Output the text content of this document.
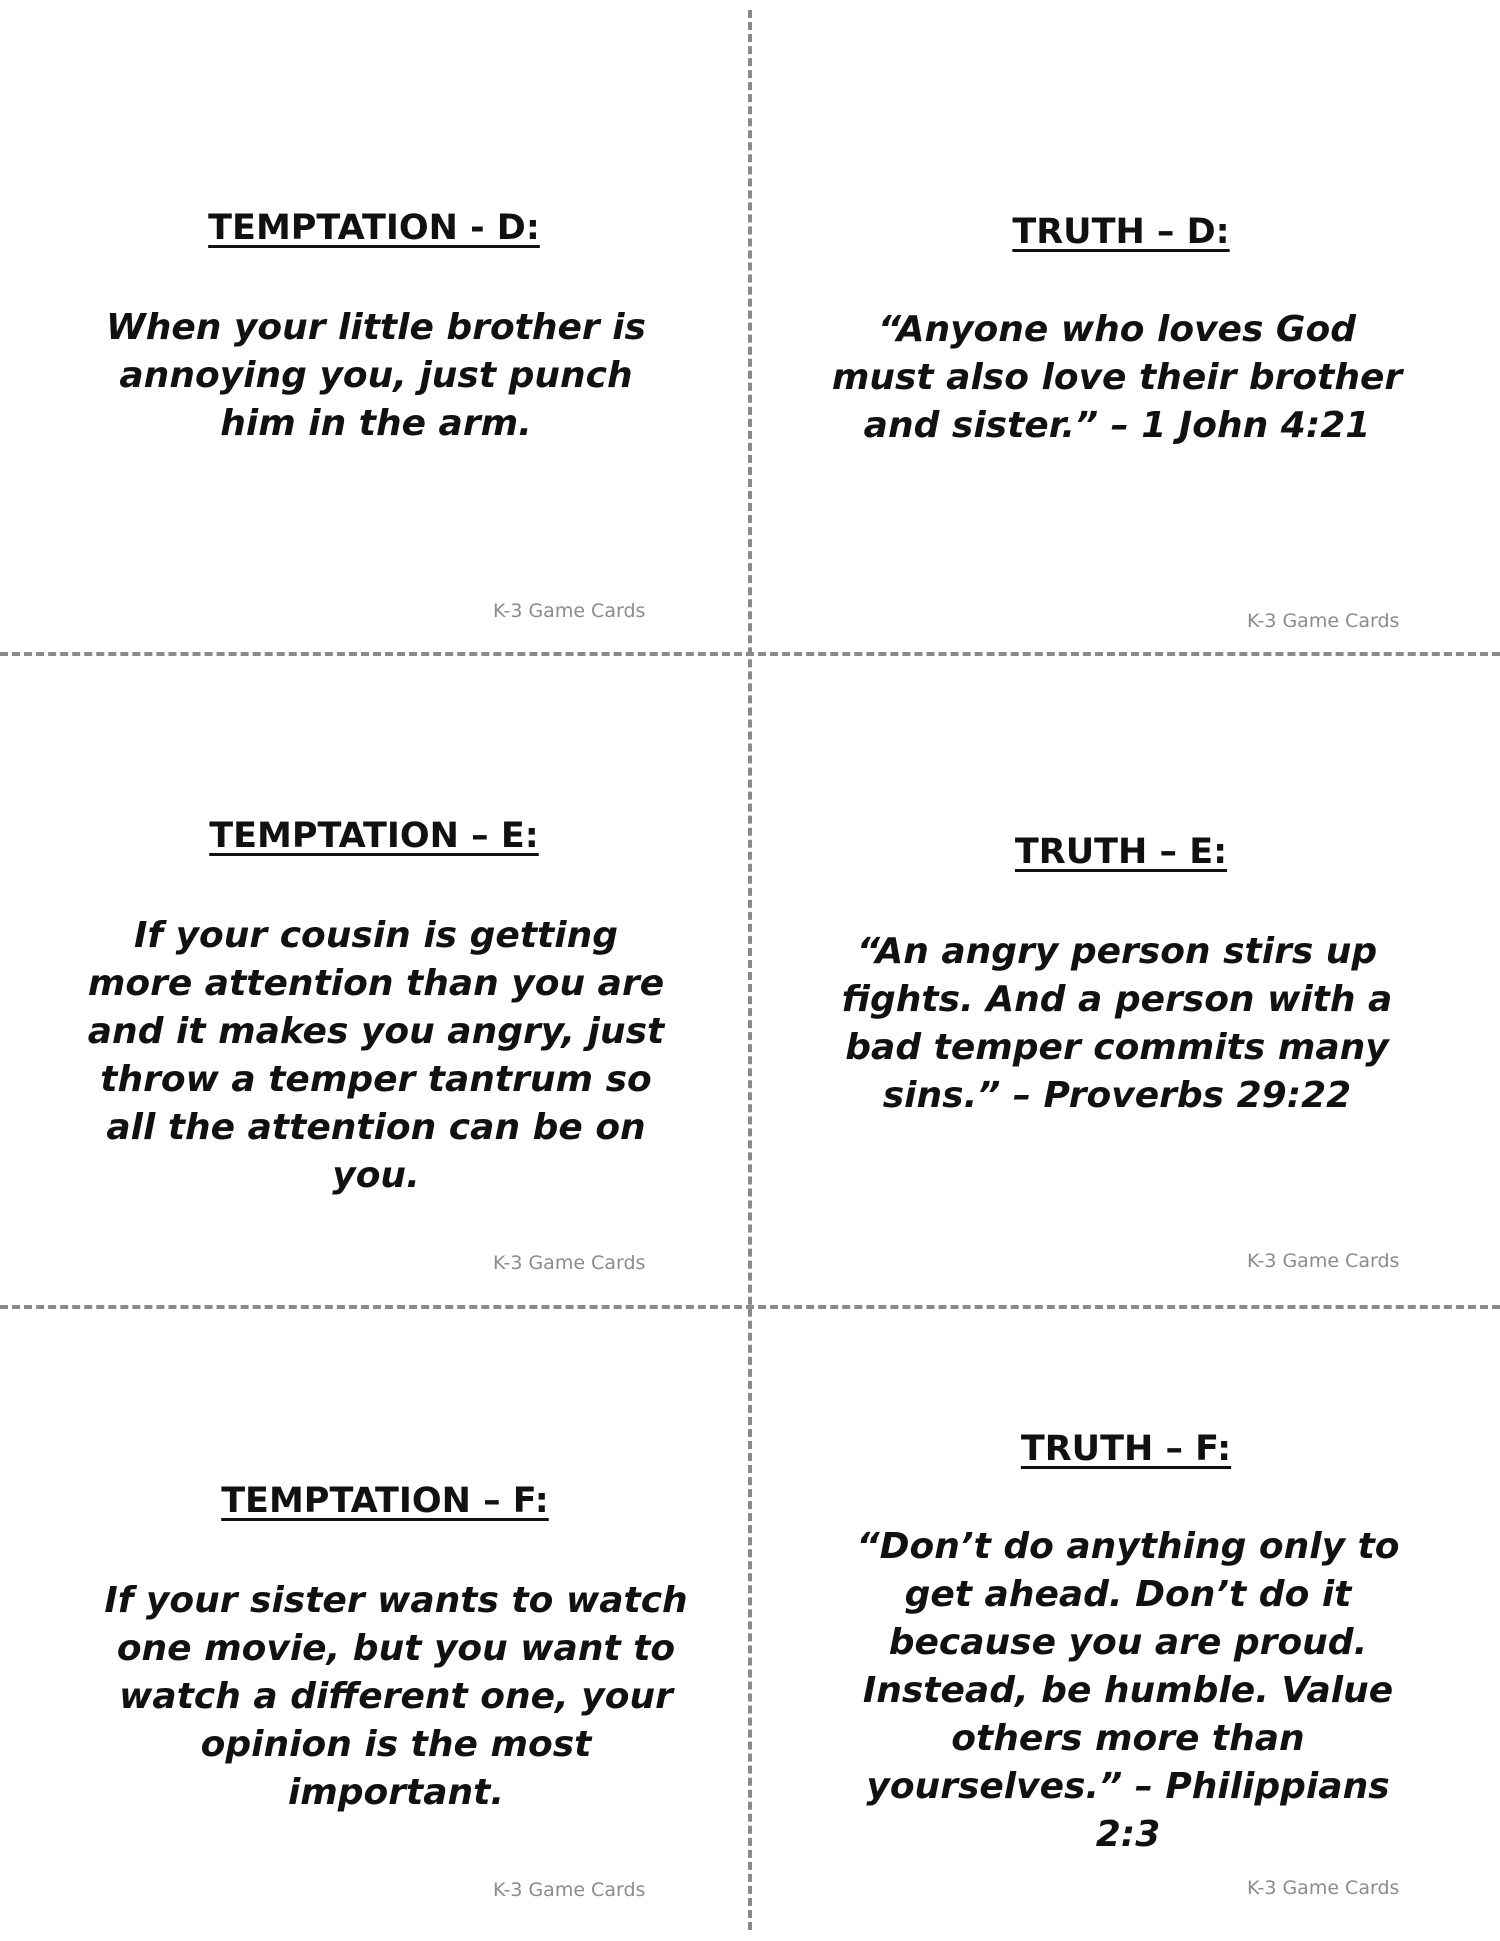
TEMPTATION - D:
When your little brother is annoying you, just punch him in the arm.
K-3 Game Cards
TRUTH – D:
“Anyone who loves God must also love their brother and sister.” – 1 John 4:21
K-3 Game Cards
TEMPTATION – E:
If your cousin is getting more attention than you are and it makes you angry, just throw a temper tantrum so all the attention can be on you.
K-3 Game Cards
TRUTH – E:
“An angry person stirs up fights. And a person with a bad temper commits many sins.” – Proverbs 29:22
K-3 Game Cards
TEMPTATION – F:
If your sister wants to watch one movie, but you want to watch a different one, your opinion is the most important.
K-3 Game Cards
TRUTH – F:
“Don’t do anything only to get ahead. Don’t do it because you are proud. Instead, be humble. Value others more than yourselves.” – Philippians 2:3
K-3 Game Cards
